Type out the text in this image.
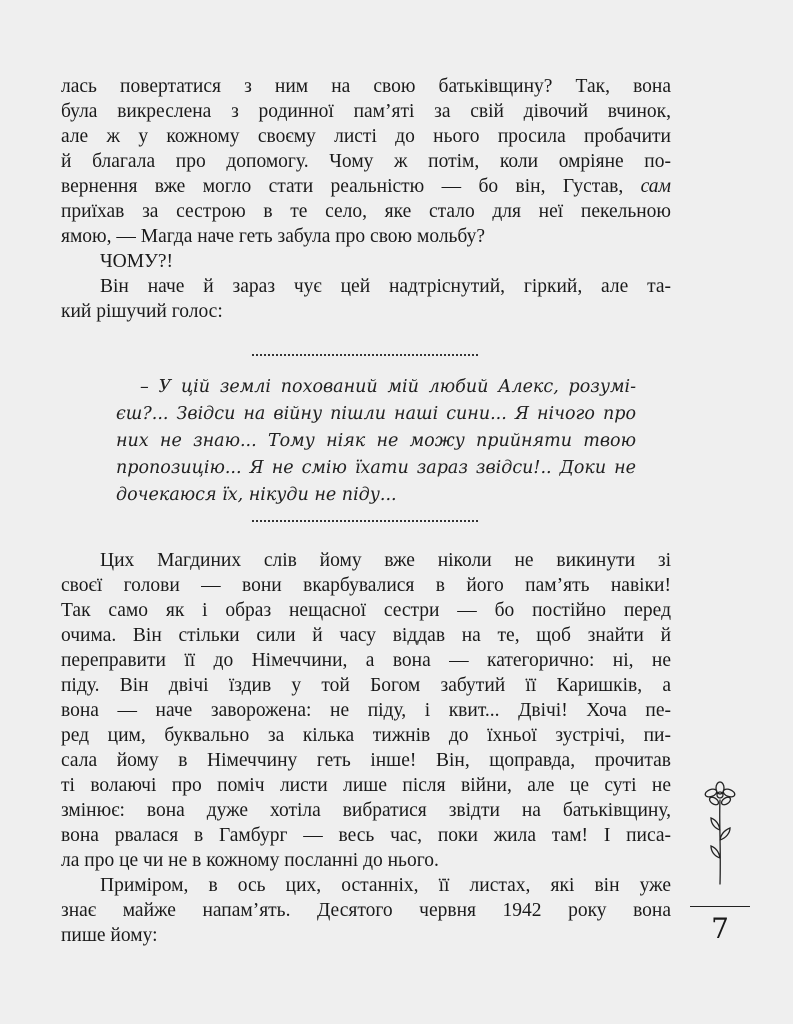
лась повертатися з ним на свою батьківщину? Так, вона
була викреслена з родинної пам’яті за свій дівочий вчинок,
але ж у кожному своєму листі до нього просила пробачити
й благала про допомогу. Чому ж потім, коли омріяне по-
вернення вже могло стати реальністю — бо він, Густав, сам
приїхав за сестрою в те село, яке стало для неї пекельною
ямою, — Магда наче геть забула про свою мольбу?
ЧОМУ?!
Він наче й зараз чує цей надтріснутий, гіркий, але та-
кий рішучий голос:
– У цій землі похований мій любий Алекс, розумі-
єш?... Звідси на війну пішли наші сини... Я нічого про
них не знаю... Тому ніяк не можу прийняти твою
пропозицію... Я не смію їхати зараз звідси!.. Доки не
дочекаюся їх, нікуди не піду...
Цих Магдиних слів йому вже ніколи не викинути зі
своєї голови — вони вкарбувалися в його пам’ять навіки!
Так само як і образ нещасної сестри — бо постійно перед
очима. Він стільки сили й часу віддав на те, щоб знайти й
переправити її до Німеччини, а вона — категорично: ні, не
піду. Він двічі їздив у той Богом забутий її Каришків, а
вона — наче заворожена: не піду, і квит... Двічі! Хоча пе-
ред цим, буквально за кілька тижнів до їхньої зустрічі, пи-
сала йому в Німеччину геть інше! Він, щоправда, прочитав
ті волаючі про поміч листи лише після війни, але це суті не
змінює: вона дуже хотіла вибратися звідти на батьківщину,
вона рвалася в Гамбург — весь час, поки жила там! І писа-
ла про це чи не в кожному посланні до нього.
Приміром, в ось цих, останніх, її листах, які він уже
знає майже напам’ять. Десятого червня 1942 року вона
пише йому:	7
